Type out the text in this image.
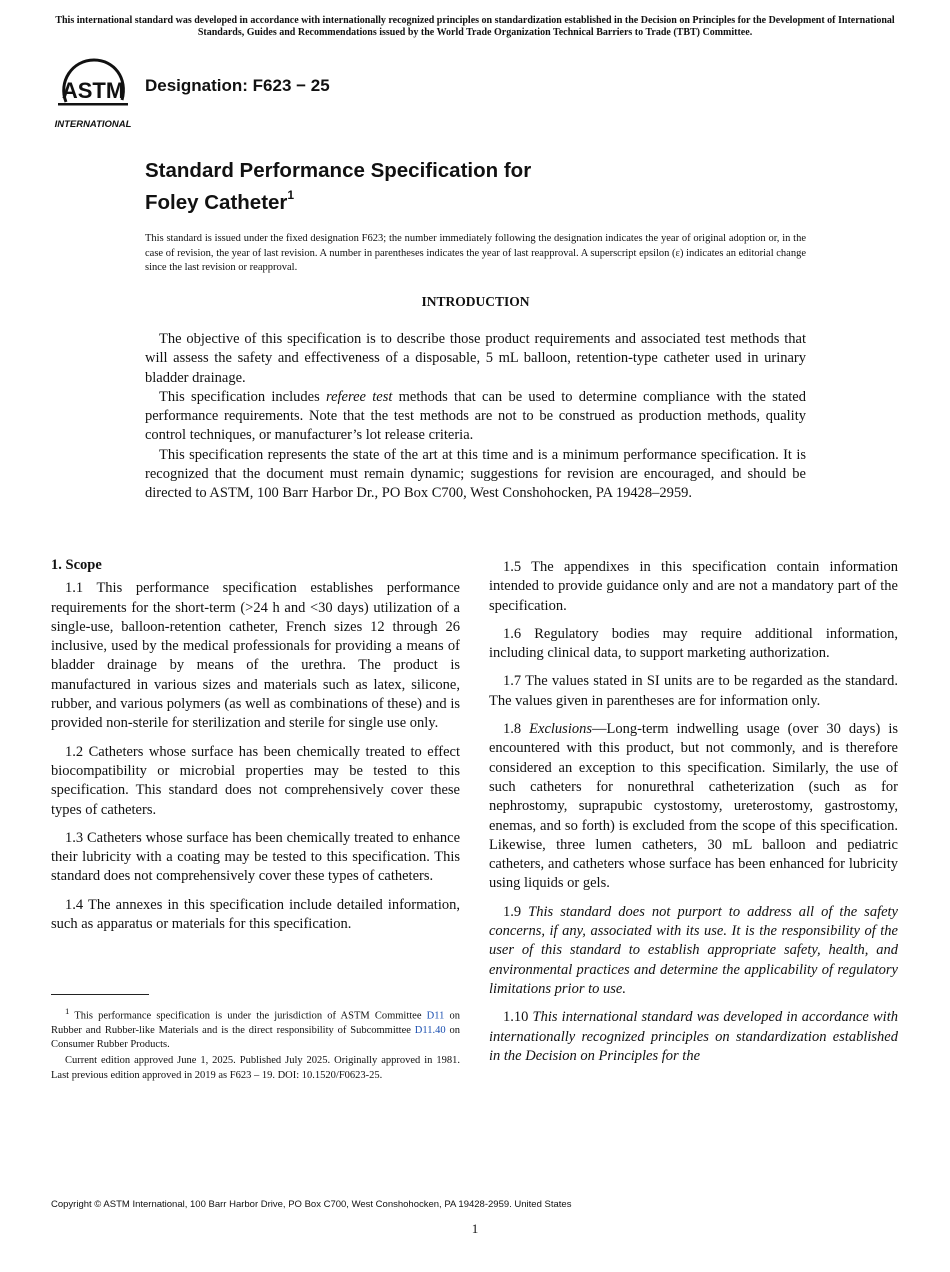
This international standard was developed in accordance with internationally recognized principles on standardization established in the Decision on Principles for the Development of International Standards, Guides and Recommendations issued by the World Trade Organization Technical Barriers to Trade (TBT) Committee.
ASTM
INTERNATIONAL
Designation: F623 − 25
Standard Performance Specification for
Foley Catheter$^1$
This standard is issued under the fixed designation F623; the number immediately following the designation indicates the year of original adoption or, in the case of revision, the year of last revision. A number in parentheses indicates the year of last reapproval. A superscript epsilon (ε) indicates an editorial change since the last revision or reapproval.
INTRODUCTION

The objective of this specification is to describe those product requirements and associated test methods that will assess the safety and effectiveness of a disposable, 5 mL balloon, retention-type catheter used in urinary bladder drainage.

This specification includes referee test methods that can be used to determine compliance with the stated performance requirements. Note that the test methods are not to be construed as production methods, quality control techniques, or manufacturer’s lot release criteria.

This specification represents the state of the art at this time and is a minimum performance specification. It is recognized that the document must remain dynamic; suggestions for revision are encouraged, and should be directed to ASTM, 100 Barr Harbor Dr., PO Box C700, West Conshohocken, PA 19428–2959.

1. Scope

1.1 This performance specification establishes performance requirements for the short-term (>24 h and <30 days) utilization of a single-use, balloon-retention catheter, French sizes 12 through 26 inclusive, used by the medical professionals for providing a means of bladder drainage by means of the urethra. The product is manufactured in various sizes and materials such as latex, silicone, rubber, and various polymers (as well as combinations of these) and is provided non-sterile for sterilization and sterile for single use only.

1.2 Catheters whose surface has been chemically treated to effect biocompatibility or microbial properties may be tested to this specification. This standard does not comprehensively cover these types of catheters.

1.3 Catheters whose surface has been chemically treated to enhance their lubricity with a coating may be tested to this specification. This standard does not comprehensively cover these types of catheters.

1.4 The annexes in this specification include detailed information, such as apparatus or materials for this specification.

1.5 The appendixes in this specification contain information intended to provide guidance only and are not a mandatory part of the specification.

1.6 Regulatory bodies may require additional information, including clinical data, to support marketing authorization.

1.7 The values stated in SI units are to be regarded as the standard. The values given in parentheses are for information only.

1.8 Exclusions—Long-term indwelling usage (over 30 days) is encountered with this product, but not commonly, and is therefore considered an exception to this specification. Similarly, the use of such catheters for nonurethral catheterization (such as for nephrostomy, suprapubic cystostomy, ureterostomy, gastrostomy, enemas, and so forth) is excluded from the scope of this specification. Likewise, three lumen catheters, 30 mL balloon and pediatric catheters, and catheters whose surface has been enhanced for lubricity using liquids or gels.

1.9 This standard does not purport to address all of the safety concerns, if any, associated with its use. It is the responsibility of the user of this standard to establish appropriate safety, health, and environmental practices and determine the applicability of regulatory limitations prior to use.

1.10 This international standard was developed in accordance with internationally recognized principles on standardization established in the Decision on Principles for the

$^1$ This performance specification is under the jurisdiction of ASTM Committee D11 on Rubber and Rubber-like Materials and is the direct responsibility of Subcommittee D11.40 on Consumer Rubber Products.

Current edition approved June 1, 2025. Published July 2025. Originally approved in 1981. Last previous edition approved in 2019 as F623 – 19. DOI: 10.1520/F0623-25.

Copyright © ASTM International, 100 Barr Harbor Drive, PO Box C700, West Conshohocken, PA 19428-2959. United States
1
